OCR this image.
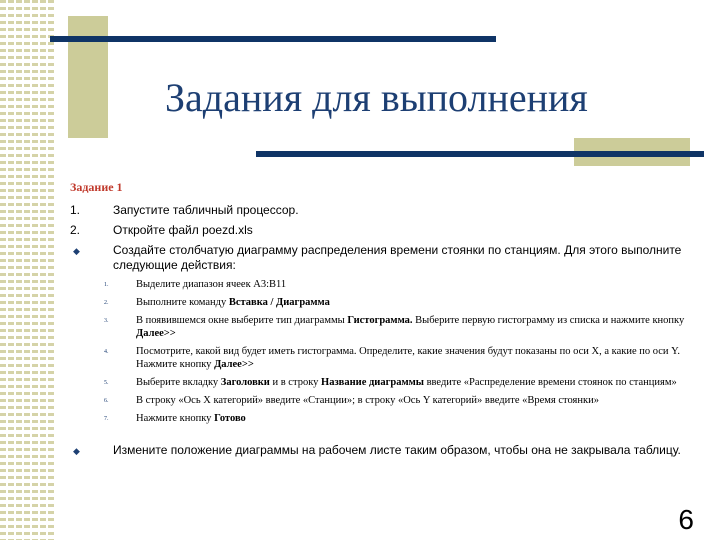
Задания для выполнения
Задание 1
1.	Запустите табличный процессор.
2.	Откройте файл poezd.xls
◆	Создайте столбчатую диаграмму распределения времени стоянки по станциям. Для этого выполните следующие действия:
1.	Выделите диапазон ячеек A3:B11
2.	Выполните команду Вставка / Диаграмма
3.	В появившемся окне выберите тип диаграммы Гистограмма. Выберите первую гистограмму из списка и нажмите кнопку Далее>>
4.	Посмотрите, какой вид будет иметь гистограмма. Определите, какие значения будут показаны по оси Х, а какие по оси Y. Нажмите кнопку Далее>>
5.	Выберите вкладку Заголовки и в строку Название диаграммы введите «Распределение времени стоянок по станциям»
6.	В строку «Ось Х категорий» введите «Станции»; в строку «Ось Y категорий» введите «Время стоянки»
7.	Нажмите кнопку Готово
◆	Измените положение диаграммы на рабочем листе таким образом, чтобы она не закрывала таблицу.
6
